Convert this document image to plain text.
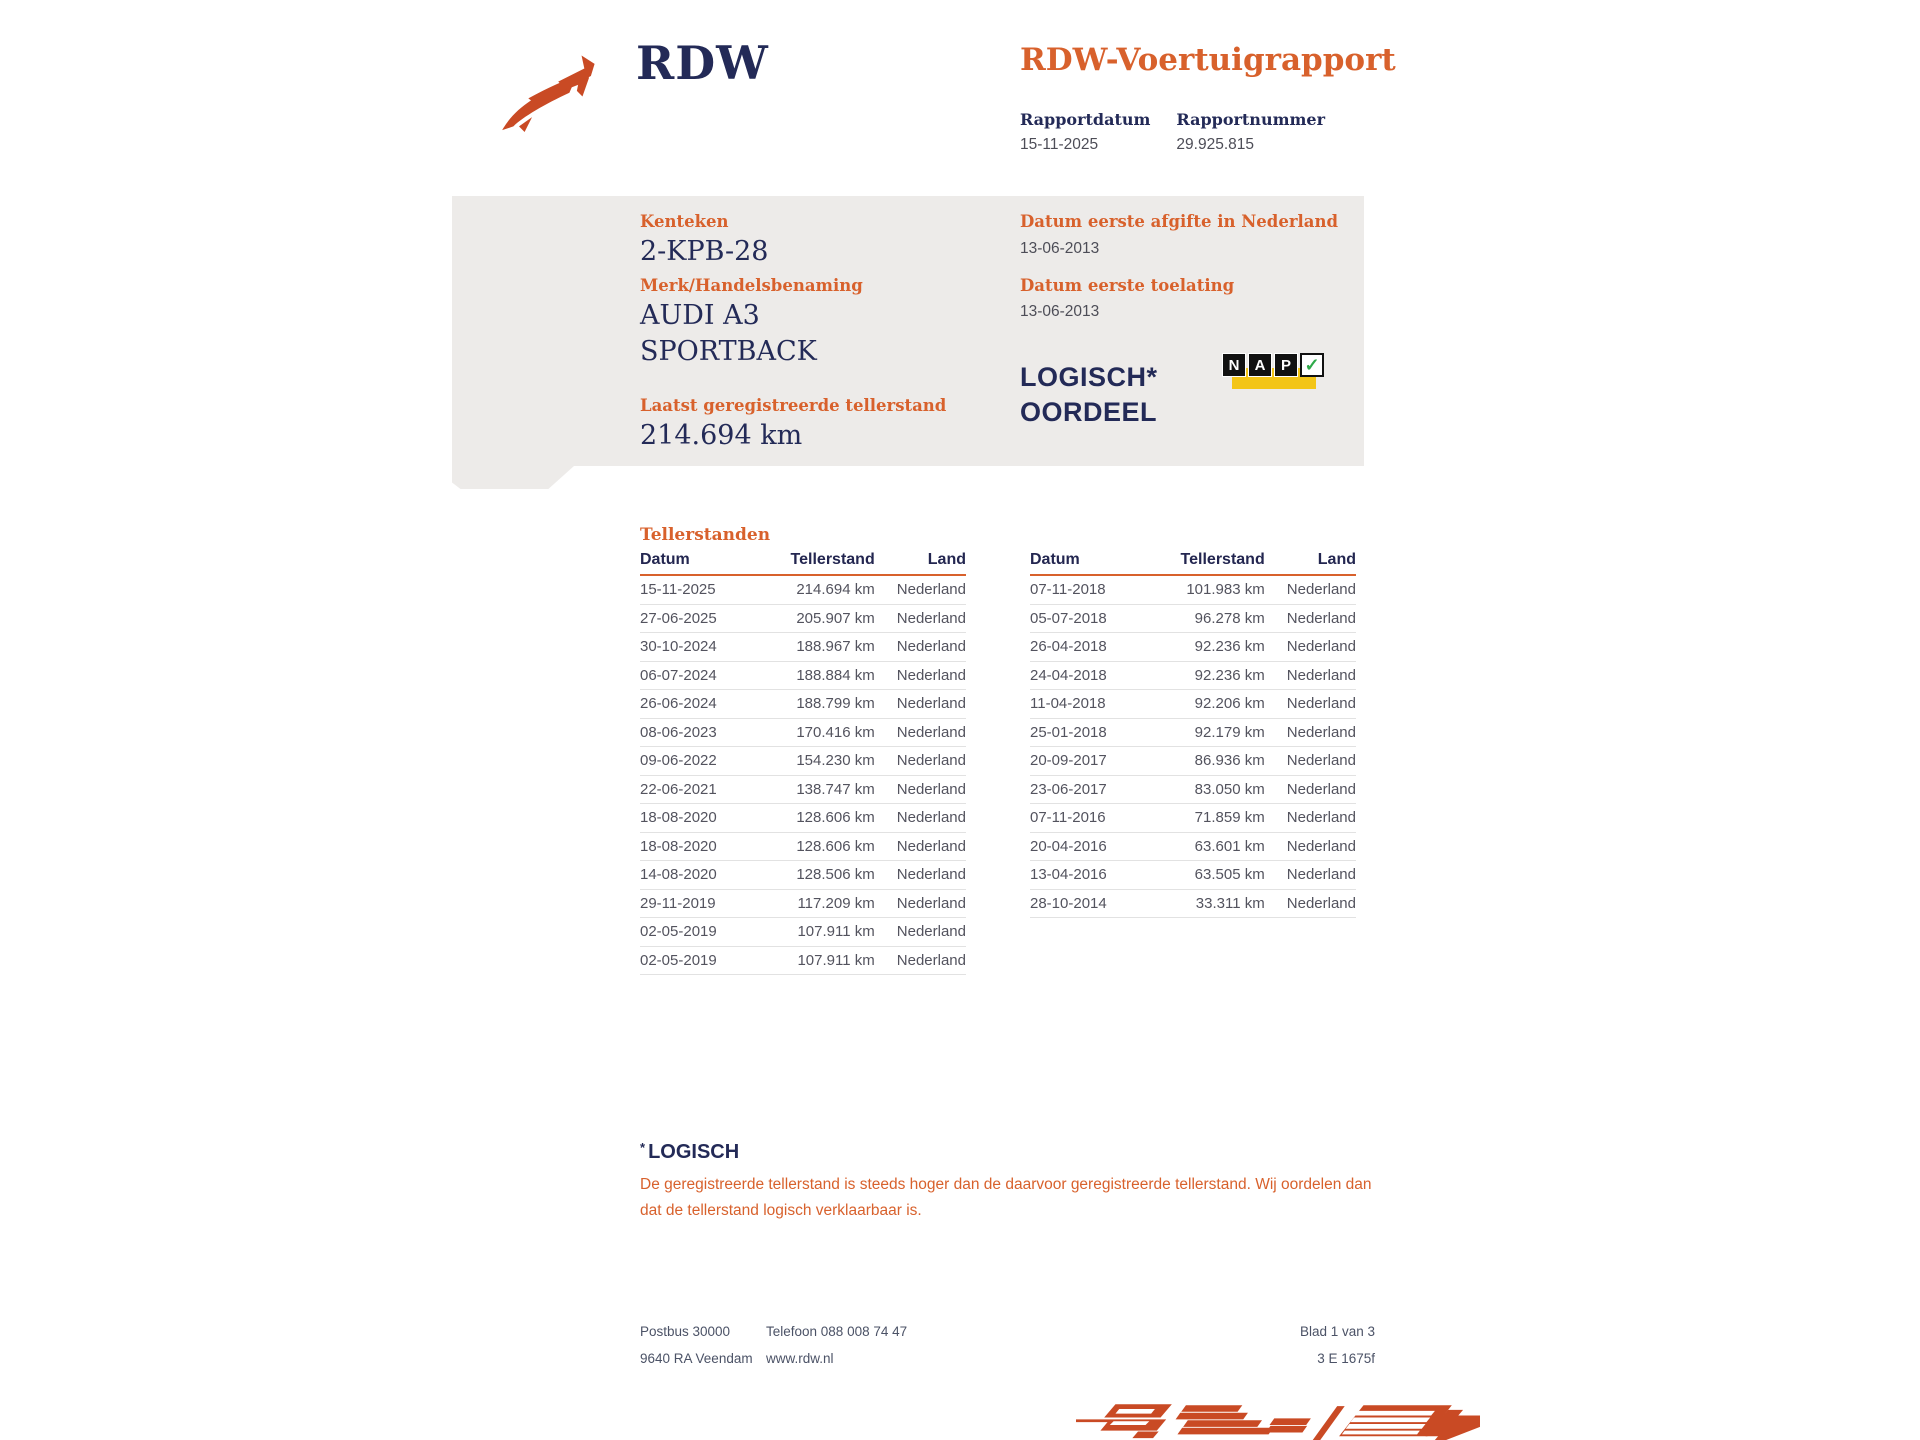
RDW	RDW-Voertuigrapport
Rapportdatum
15-11-2025
Rapportnummer
29.925.815
Kenteken
2-KPB-28
Merk/Handelsbenaming
AUDI A3
SPORTBACK
Laatst geregistreerde tellerstand
214.694 km
Datum eerste afgifte in Nederland
13-06-2013
Datum eerste toelating
13-06-2013
LOGISCH*
OORDEEL
N	A	P ✓
Tellerstanden
Datum	Tellerstand	Land
15-11-2025	214.694 km	Nederland
27-06-2025	205.907 km	Nederland
30-10-2024	188.967 km	Nederland
06-07-2024	188.884 km	Nederland
26-06-2024	188.799 km	Nederland
08-06-2023	170.416 km	Nederland
09-06-2022	154.230 km	Nederland
22-06-2021	138.747 km	Nederland
18-08-2020	128.606 km	Nederland
18-08-2020	128.606 km	Nederland
14-08-2020	128.506 km	Nederland
29-11-2019	117.209 km	Nederland
02-05-2019	107.911 km	Nederland
02-05-2019	107.911 km	Nederland
Datum	Tellerstand	Land
07-11-2018	101.983 km	Nederland
05-07-2018	96.278 km	Nederland
26-04-2018	92.236 km	Nederland
24-04-2018	92.236 km	Nederland
11-04-2018	92.206 km	Nederland
25-01-2018	92.179 km	Nederland
20-09-2017	86.936 km	Nederland
23-06-2017	83.050 km	Nederland
07-11-2016	71.859 km	Nederland
20-04-2016	63.601 km	Nederland
13-04-2016	63.505 km	Nederland
28-10-2014	33.311 km	Nederland
* LOGISCH
De geregistreerde tellerstand is steeds hoger dan de daarvoor geregistreerde tellerstand. Wij oordelen dan dat de tellerstand logisch verklaarbaar is.
Postbus 30000
9640 RA Veendam
Telefoon 088 008 74 47
www.rdw.nl
Blad 1 van 3
3 E 1675f
